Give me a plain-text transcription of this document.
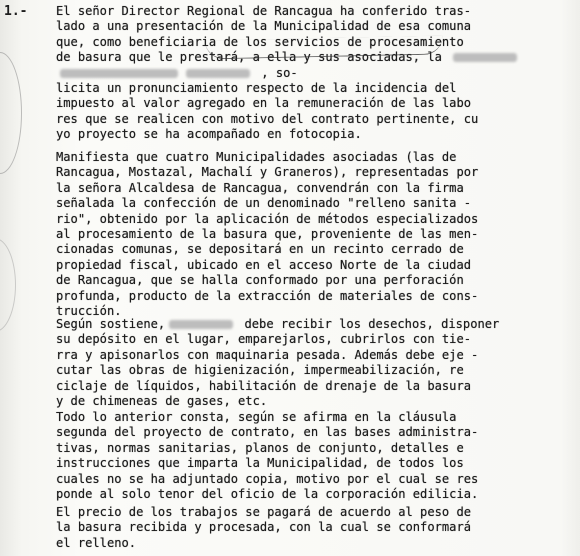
1.- El señor Director Regional de Rancagua ha conferido tras-
lado a una presentación de la Municipalidad de esa comuna
que, como beneficiaria de los servicios de procesamiento
de basura que le prestará, a ella y sus asociadas, la
, so-
licita un pronunciamiento respecto de la incidencia del
impuesto al valor agregado en la remuneración de las labo
res que se realicen con motivo del contrato pertinente, cu
yo proyecto se ha acompañado en fotocopia.
Manifiesta que cuatro Municipalidades asociadas (las de
Rancagua, Mostazal, Machalí y Graneros), representadas por
la señora Alcaldesa de Rancagua, convendrán con la firma
señalada la confección de un denominado "relleno sanita -
rio", obtenido por la aplicación de métodos especializados
al procesamiento de la basura que, proveniente de las men-
cionadas comunas, se depositará en un recinto cerrado de
propiedad fiscal, ubicado en el acceso Norte de la ciudad
de Rancagua, que se halla conformado por una perforación
profunda, producto de la extracción de materiales de cons-
trucción.
Según sostiene,	debe recibir los desechos, disponer
su depósito en el lugar, emparejarlos, cubrirlos con tie-
rra y apisonarlos con maquinaria pesada. Además debe eje -
cutar las obras de higienización, impermeabilización, re
ciclaje de líquidos, habilitación de drenaje de la basura
y de chimeneas de gases, etc.
Todo lo anterior consta, según se afirma en la cláusula
segunda del proyecto de contrato, en las bases administra-
tivas, normas sanitarias, planos de conjunto, detalles e
instrucciones que imparta la Municipalidad, de todos los
cuales no se ha adjuntado copia, motivo por el cual se res
ponde al solo tenor del oficio de la corporación edilicia.
El precio de los trabajos se pagará de acuerdo al peso de
la basura recibida y procesada, con la cual se conformará
el relleno.
